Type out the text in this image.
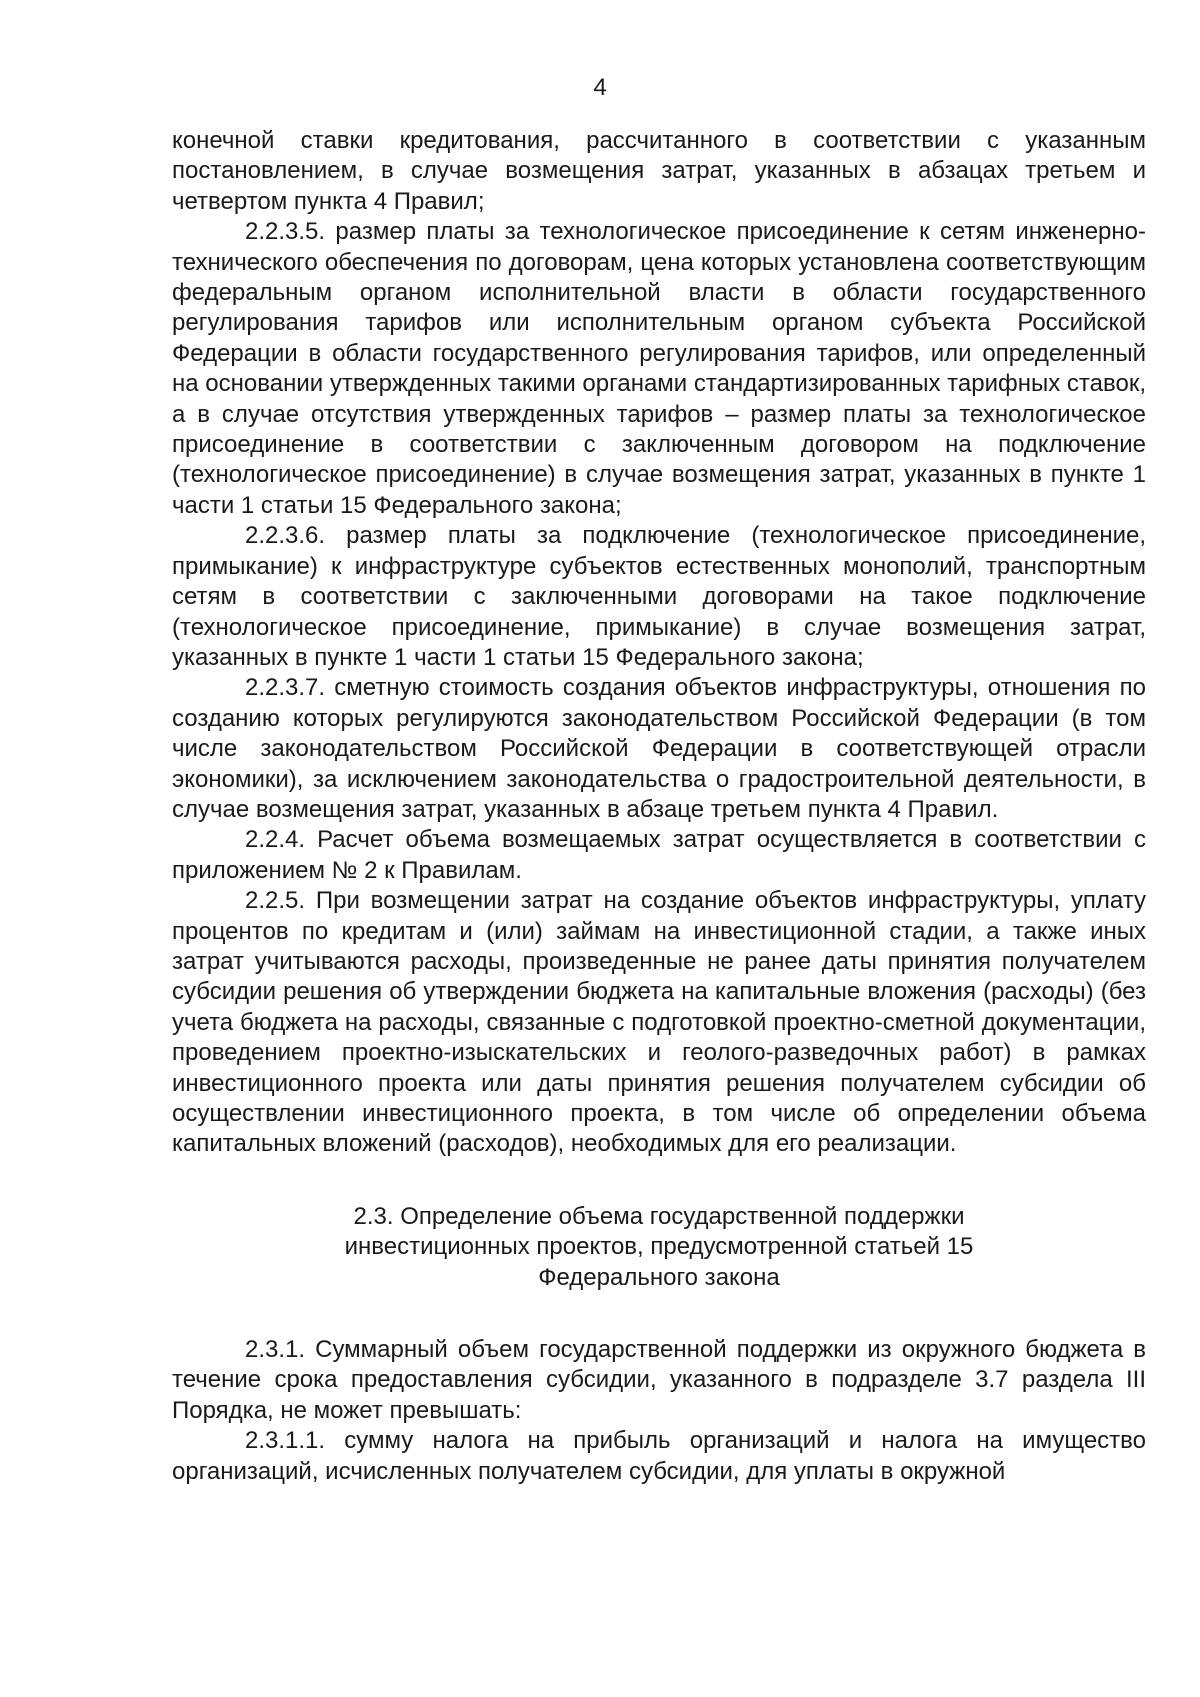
4

конечной ставки кредитования, рассчитанного в соответствии с указанным постановлением, в случае возмещения затрат, указанных в абзацах третьем и четвертом пункта 4 Правил;

2.2.3.5. размер платы за технологическое присоединение к сетям инженерно-технического обеспечения по договорам, цена которых установлена соответствующим федеральным органом исполнительной власти в области государственного регулирования тарифов или исполнительным органом субъекта Российской Федерации в области государственного регулирования тарифов, или определенный на основании утвержденных такими органами стандартизированных тарифных ставок, а в случае отсутствия утвержденных тарифов – размер платы за технологическое присоединение в соответствии с заключенным договором на подключение (технологическое присоединение) в случае возмещения затрат, указанных в пункте 1 части 1 статьи 15 Федерального закона;

2.2.3.6. размер платы за подключение (технологическое присоединение, примыкание) к инфраструктуре субъектов естественных монополий, транспортным сетям в соответствии с заключенными договорами на такое подключение (технологическое присоединение, примыкание) в случае возмещения затрат, указанных в пункте 1 части 1 статьи 15 Федерального закона;

2.2.3.7. сметную стоимость создания объектов инфраструктуры, отношения по созданию которых регулируются законодательством Российской Федерации (в том числе законодательством Российской Федерации в соответствующей отрасли экономики), за исключением законодательства о градостроительной деятельности, в случае возмещения затрат, указанных в абзаце третьем пункта 4 Правил.

2.2.4. Расчет объема возмещаемых затрат осуществляется в соответствии с приложением № 2 к Правилам.

2.2.5. При возмещении затрат на создание объектов инфраструктуры, уплату процентов по кредитам и (или) займам на инвестиционной стадии, а также иных затрат учитываются расходы, произведенные не ранее даты принятия получателем субсидии решения об утверждении бюджета на капитальные вложения (расходы) (без учета бюджета на расходы, связанные с подготовкой проектно-сметной документации, проведением проектно-изыскательских и геолого-разведочных работ) в рамках инвестиционного проекта или даты принятия решения получателем субсидии об осуществлении инвестиционного проекта, в том числе об определении объема капитальных вложений (расходов), необходимых для его реализации.

2.3. Определение объема государственной поддержки
инвестиционных проектов, предусмотренной статьей 15
Федерального закона

2.3.1. Суммарный объем государственной поддержки из окружного бюджета в течение срока предоставления субсидии, указанного в подразделе 3.7 раздела III Порядка, не может превышать:

2.3.1.1. сумму налога на прибыль организаций и налога на имущество организаций, исчисленных получателем субсидии, для уплаты в окружной
